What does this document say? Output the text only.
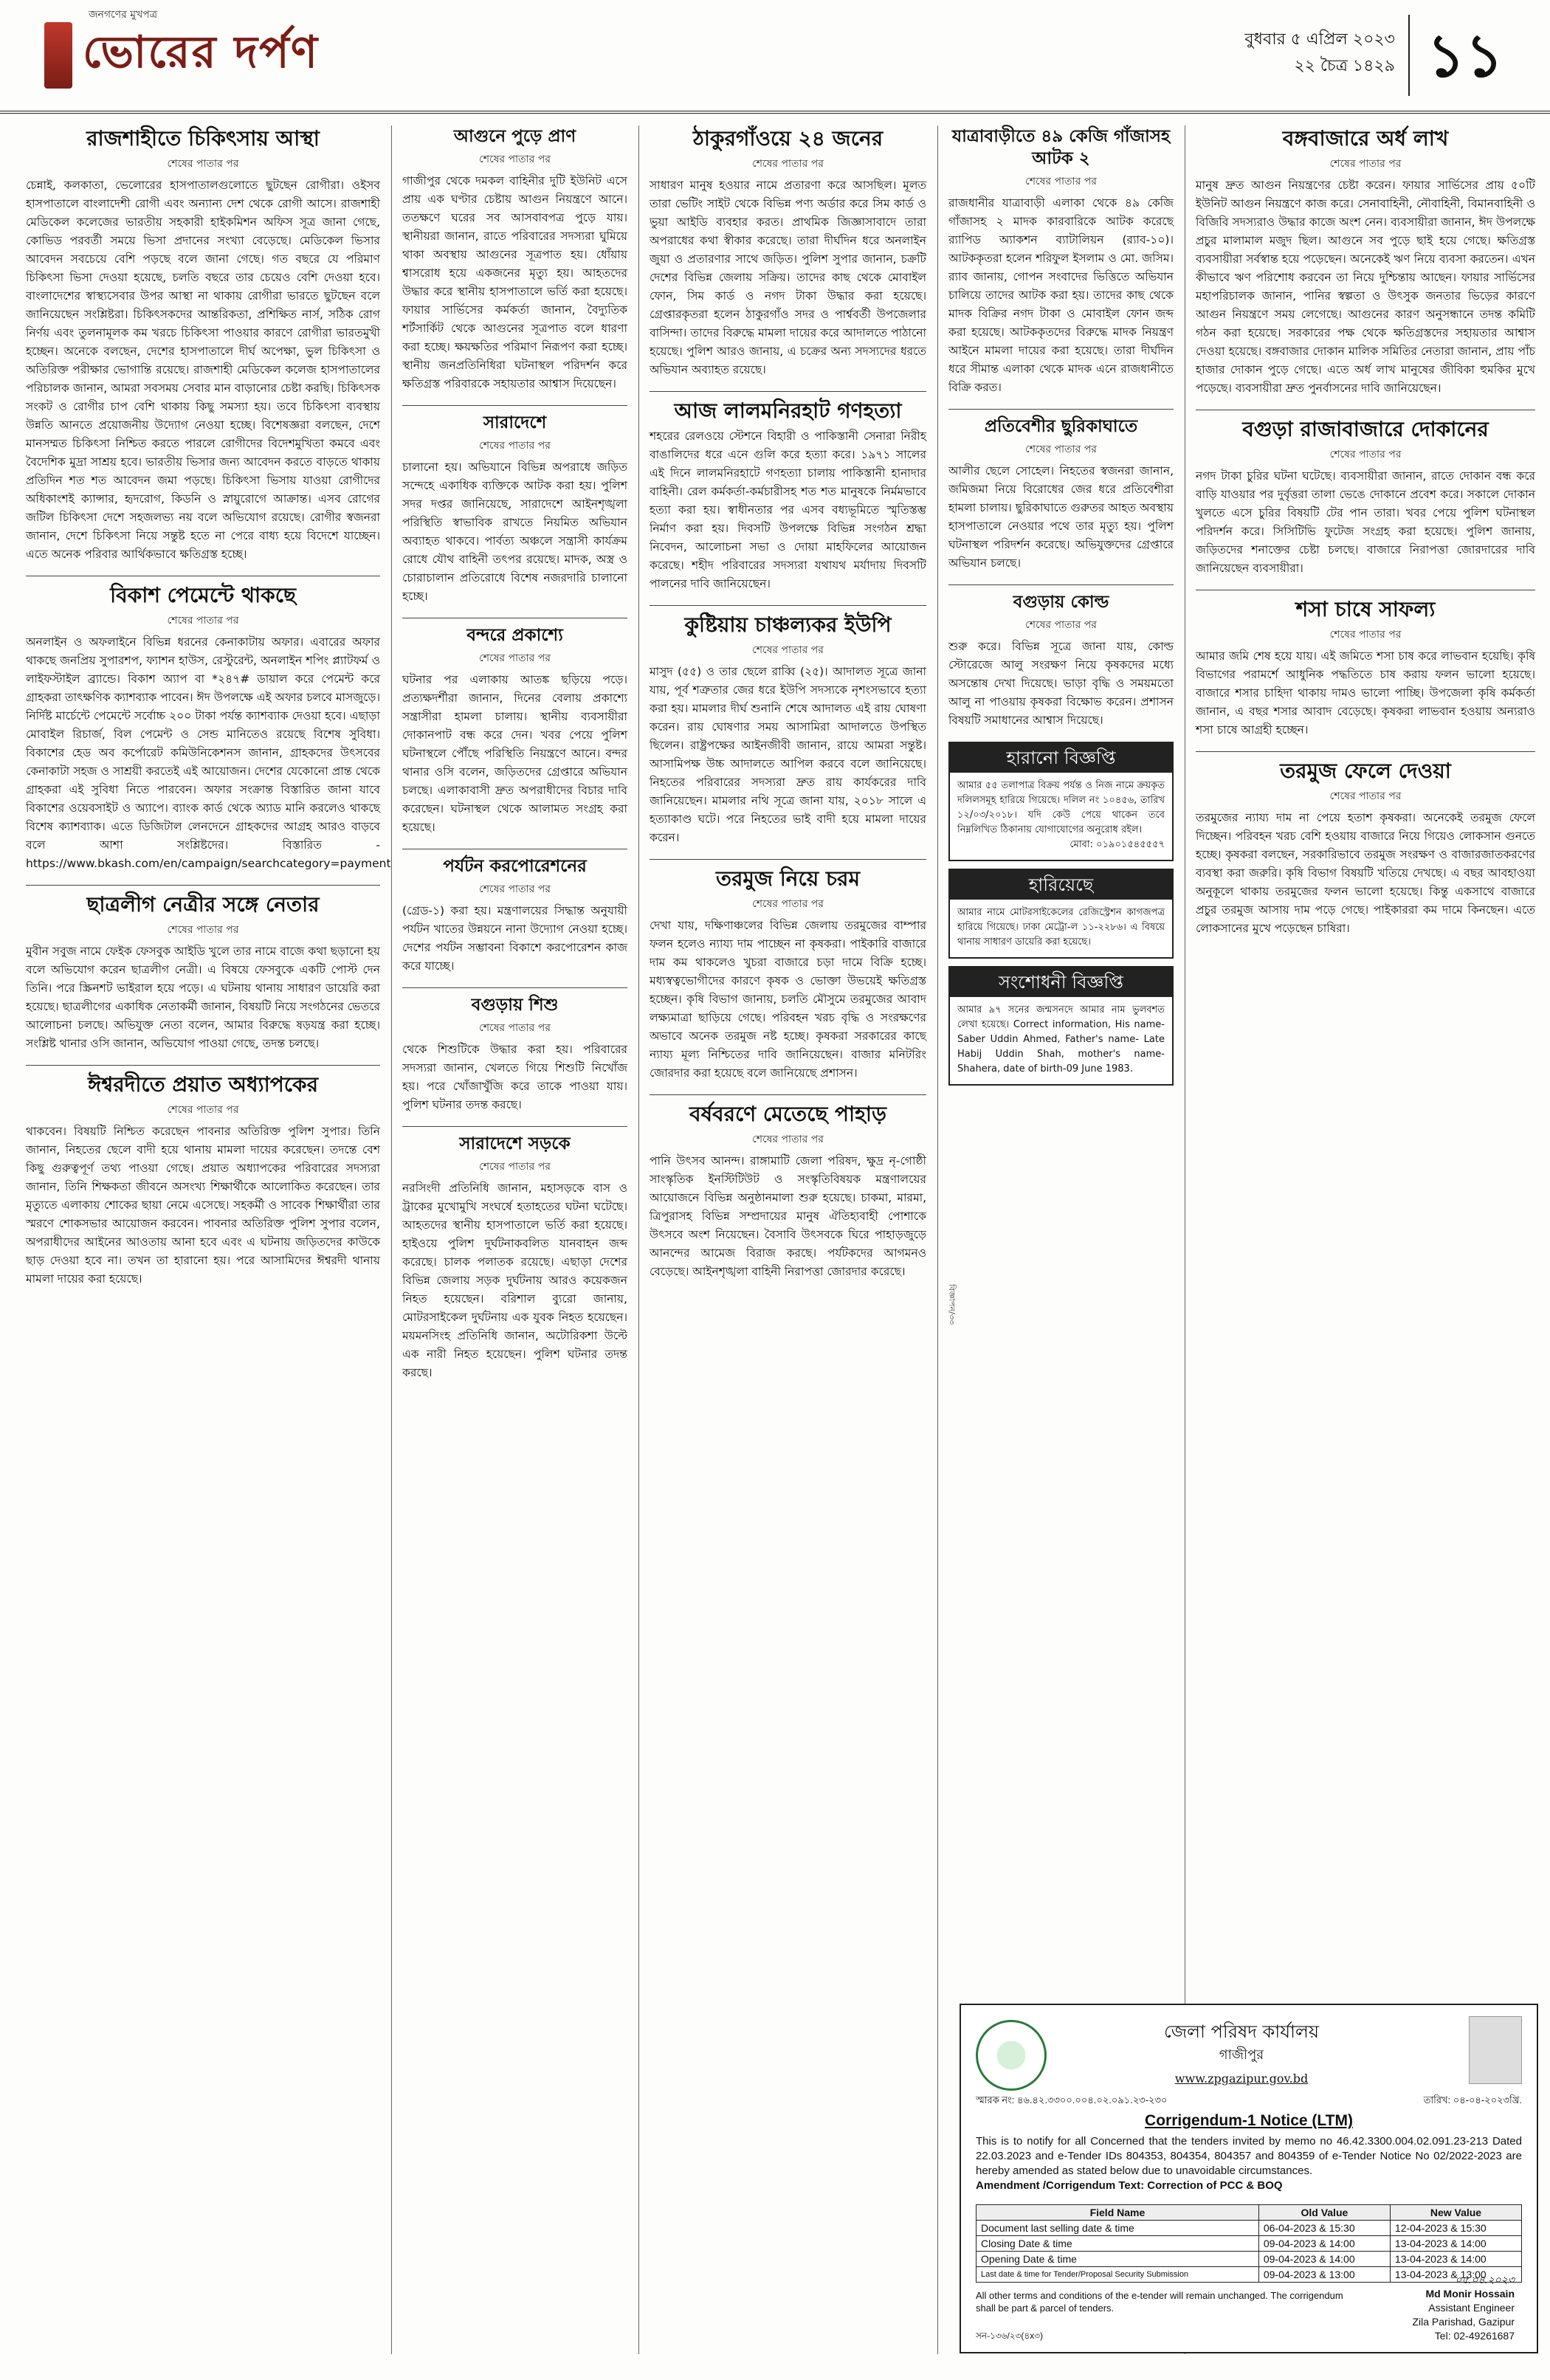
জনগণের মুখপত্র
ভোরের দর্পণ	বুধবার ৫ এপ্রিল ২০২৩
২২ চৈত্র ১৪২৯ ১১
রাজশাহীতে চিকিৎসায় আস্থা
শেষের পাতার পর

চেন্নাই, কলকাতা, ভেলোরের হাসপাতালগুলোতে ছুটছেন রোগীরা। ওইসব হাসপাতালে বাংলাদেশী রোগী এবং অন্যান্য দেশ থেকে রোগী আসে। রাজশাহী মেডিকেল কলেজের ভারতীয় সহকারী হাইকমিশন অফিস সূত্র জানা গেছে, কোভিড পরবর্তী সময়ে ভিসা প্রদানের সংখ্যা বেড়েছে। মেডিকেল ভিসার আবেদন সবচেয়ে বেশি পড়ছে বলে জানা গেছে। গত বছরে যে পরিমাণ চিকিৎসা ভিসা দেওয়া হয়েছে, চলতি বছরে তার চেয়েও বেশি দেওয়া হবে। বাংলাদেশের স্বাস্থ্যসেবার উপর আস্থা না থাকায় রোগীরা ভারতে ছুটছেন বলে জানিয়েছেন সংশ্লিষ্টরা। চিকিৎসকদের আন্তরিকতা, প্রশিক্ষিত নার্স, সঠিক রোগ নির্ণয় এবং তুলনামূলক কম খরচে চিকিৎসা পাওয়ার কারণে রোগীরা ভারতমুখী হচ্ছেন। অনেকে বলছেন, দেশের হাসপাতালে দীর্ঘ অপেক্ষা, ভুল চিকিৎসা ও অতিরিক্ত পরীক্ষার ভোগান্তি রয়েছে। রাজশাহী মেডিকেল কলেজ হাসপাতালের পরিচালক জানান, আমরা সবসময় সেবার মান বাড়ানোর চেষ্টা করছি। চিকিৎসক সংকট ও রোগীর চাপ বেশি থাকায় কিছু সমস্যা হয়। তবে চিকিৎসা ব্যবস্থায় উন্নতি আনতে প্রয়োজনীয় উদ্যোগ নেওয়া হচ্ছে। বিশেষজ্ঞরা বলছেন, দেশে মানসম্মত চিকিৎসা নিশ্চিত করতে পারলে রোগীদের বিদেশমুখিতা কমবে এবং বৈদেশিক মুদ্রা সাশ্রয় হবে। ভারতীয় ভিসার জন্য আবেদন করতে বাড়তে থাকায় প্রতিদিন শত শত আবেদন জমা পড়ছে। চিকিৎসা ভিসায় যাওয়া রোগীদের অধিকাংশই ক্যান্সার, হৃদরোগ, কিডনি ও স্নায়ুরোগে আক্রান্ত। এসব রোগের জটিল চিকিৎসা দেশে সহজলভ্য নয় বলে অভিযোগ রয়েছে। রোগীর স্বজনরা জানান, দেশে চিকিৎসা নিয়ে সন্তুষ্ট হতে না পেরে বাধ্য হয়ে বিদেশে যাচ্ছেন। এতে অনেক পরিবার আর্থিকভাবে ক্ষতিগ্রস্ত হচ্ছে।

বিকাশ পেমেন্টে থাকছে
শেষের পাতার পর

অনলাইন ও অফলাইনে বিভিন্ন ধরনের কেনাকাটায় অফার। এবারের অফার থাকছে জনপ্রিয় সুপারশপ, ফ্যাশন হাউস, রেস্টুরেন্ট, অনলাইন শপিং প্ল্যাটফর্ম ও লাইফস্টাইল ব্র্যান্ডে। বিকাশ অ্যাপ বা *২৪৭# ডায়াল করে পেমেন্ট করে গ্রাহকরা তাৎক্ষণিক ক্যাশব্যাক পাবেন। ঈদ উপলক্ষে এই অফার চলবে মাসজুড়ে। নির্দিষ্ট মার্চেন্টে পেমেন্টে সর্বোচ্চ ২০০ টাকা পর্যন্ত ক্যাশব্যাক দেওয়া হবে। এছাড়া মোবাইল রিচার্জ, বিল পেমেন্ট ও সেন্ড মানিতেও রয়েছে বিশেষ সুবিধা। বিকাশের হেড অব কর্পোরেট কমিউনিকেশনস জানান, গ্রাহকদের উৎসবের কেনাকাটা সহজ ও সাশ্রয়ী করতেই এই আয়োজন। দেশের যেকোনো প্রান্ত থেকে গ্রাহকরা এই সুবিধা নিতে পারবেন। অফার সংক্রান্ত বিস্তারিত জানা যাবে বিকাশের ওয়েবসাইট ও অ্যাপে। ব্যাংক কার্ড থেকে অ্যাড মানি করলেও থাকছে বিশেষ ক্যাশব্যাক। এতে ডিজিটাল লেনদেনে গ্রাহকদের আগ্রহ আরও বাড়বে বলে আশা সংশ্লিষ্টদের। বিস্তারিত - https://www.bkash.com/en/campaign/searchcategory=payment

ছাত্রলীগ নেত্রীর সঙ্গে নেতার
শেষের পাতার পর

মুবীন সবুজ নামে ফেইক ফেসবুক আইডি খুলে তার নামে বাজে কথা ছড়ানো হয় বলে অভিযোগ করেন ছাত্রলীগ নেত্রী। এ বিষয়ে ফেসবুকে একটি পোস্ট দেন তিনি। পরে স্ক্রিনশট ভাইরাল হয়ে পড়ে। এ ঘটনায় থানায় সাধারণ ডায়েরি করা হয়েছে। ছাত্রলীগের একাধিক নেতাকর্মী জানান, বিষয়টি নিয়ে সংগঠনের ভেতরে আলোচনা চলছে। অভিযুক্ত নেতা বলেন, আমার বিরুদ্ধে ষড়যন্ত্র করা হচ্ছে। সংশ্লিষ্ট থানার ওসি জানান, অভিযোগ পাওয়া গেছে, তদন্ত চলছে।

ঈশ্বরদীতে প্রয়াত অধ্যাপকের
শেষের পাতার পর

থাকবেন। বিষয়টি নিশ্চিত করেছেন পাবনার অতিরিক্ত পুলিশ সুপার। তিনি জানান, নিহতের ছেলে বাদী হয়ে থানায় মামলা দায়ের করেছেন। তদন্তে বেশ কিছু গুরুত্বপূর্ণ তথ্য পাওয়া গেছে। প্রয়াত অধ্যাপকের পরিবারের সদস্যরা জানান, তিনি শিক্ষকতা জীবনে অসংখ্য শিক্ষার্থীকে আলোকিত করেছেন। তার মৃত্যুতে এলাকায় শোকের ছায়া নেমে এসেছে। সহকর্মী ও সাবেক শিক্ষার্থীরা তার স্মরণে শোকসভার আয়োজন করবেন। পাবনার অতিরিক্ত পুলিশ সুপার বলেন, অপরাধীদের আইনের আওতায় আনা হবে এবং এ ঘটনায় জড়িতদের কাউকে ছাড় দেওয়া হবে না। তখন তা হারানো হয়। পরে আসামিদের ঈশ্বরদী থানায় মামলা দায়ের করা হয়েছে।

আগুনে পুড়ে প্রাণ
শেষের পাতার পর

গাজীপুর থেকে দমকল বাহিনীর দুটি ইউনিট এসে প্রায় এক ঘণ্টার চেষ্টায় আগুন নিয়ন্ত্রণে আনে। ততক্ষণে ঘরের সব আসবাবপত্র পুড়ে যায়। স্থানীয়রা জানান, রাতে পরিবারের সদস্যরা ঘুমিয়ে থাকা অবস্থায় আগুনের সূত্রপাত হয়। ধোঁয়ায় শ্বাসরোধ হয়ে একজনের মৃত্যু হয়। আহতদের উদ্ধার করে স্থানীয় হাসপাতালে ভর্তি করা হয়েছে। ফায়ার সার্ভিসের কর্মকর্তা জানান, বৈদ্যুতিক শর্টসার্কিট থেকে আগুনের সূত্রপাত বলে ধারণা করা হচ্ছে। ক্ষয়ক্ষতির পরিমাণ নিরূপণ করা হচ্ছে। স্থানীয় জনপ্রতিনিধিরা ঘটনাস্থল পরিদর্শন করে ক্ষতিগ্রস্ত পরিবারকে সহায়তার আশ্বাস দিয়েছেন।

সারাদেশে
শেষের পাতার পর

চালানো হয়। অভিযানে বিভিন্ন অপরাধে জড়িত সন্দেহে একাধিক ব্যক্তিকে আটক করা হয়। পুলিশ সদর দপ্তর জানিয়েছে, সারাদেশে আইনশৃঙ্খলা পরিস্থিতি স্বাভাবিক রাখতে নিয়মিত অভিযান অব্যাহত থাকবে। পার্বত্য অঞ্চলে সন্ত্রাসী কার্যক্রম রোধে যৌথ বাহিনী তৎপর রয়েছে। মাদক, অস্ত্র ও চোরাচালান প্রতিরোধে বিশেষ নজরদারি চালানো হচ্ছে।

বন্দরে প্রকাশ্যে
শেষের পাতার পর

ঘটনার পর এলাকায় আতঙ্ক ছড়িয়ে পড়ে। প্রত্যক্ষদর্শীরা জানান, দিনের বেলায় প্রকাশ্যে সন্ত্রাসীরা হামলা চালায়। স্থানীয় ব্যবসায়ীরা দোকানপাট বন্ধ করে দেন। খবর পেয়ে পুলিশ ঘটনাস্থলে পৌঁছে পরিস্থিতি নিয়ন্ত্রণে আনে। বন্দর থানার ওসি বলেন, জড়িতদের গ্রেপ্তারে অভিযান চলছে। এলাকাবাসী দ্রুত অপরাধীদের বিচার দাবি করেছেন। ঘটনাস্থল থেকে আলামত সংগ্রহ করা হয়েছে।

পর্যটন করপোরেশনের
শেষের পাতার পর

(গ্রেড-১) করা হয়। মন্ত্রণালয়ের সিদ্ধান্ত অনুযায়ী পর্যটন খাতের উন্নয়নে নানা উদ্যোগ নেওয়া হচ্ছে। দেশের পর্যটন সম্ভাবনা বিকাশে করপোরেশন কাজ করে যাচ্ছে।

বগুড়ায় শিশু
শেষের পাতার পর

থেকে শিশুটিকে উদ্ধার করা হয়। পরিবারের সদস্যরা জানান, খেলতে গিয়ে শিশুটি নিখোঁজ হয়। পরে খোঁজাখুঁজি করে তাকে পাওয়া যায়। পুলিশ ঘটনার তদন্ত করছে।

সারাদেশে সড়কে
শেষের পাতার পর

নরসিংদী প্রতিনিধি জানান, মহাসড়কে বাস ও ট্রাকের মুখোমুখি সংঘর্ষে হতাহতের ঘটনা ঘটেছে। আহতদের স্থানীয় হাসপাতালে ভর্তি করা হয়েছে। হাইওয়ে পুলিশ দুর্ঘটনাকবলিত যানবাহন জব্দ করেছে। চালক পলাতক রয়েছে। এছাড়া দেশের বিভিন্ন জেলায় সড়ক দুর্ঘটনায় আরও কয়েকজন নিহত হয়েছেন। বরিশাল ব্যুরো জানায়, মোটরসাইকেল দুর্ঘটনায় এক যুবক নিহত হয়েছেন। ময়মনসিংহ প্রতিনিধি জানান, অটোরিকশা উল্টে এক নারী নিহত হয়েছেন। পুলিশ ঘটনার তদন্ত করছে।

ঠাকুরগাঁওয়ে ২৪ জনের
শেষের পাতার পর

সাধারণ মানুষ হওয়ার নামে প্রতারণা করে আসছিল। মূলত তারা ভেটিং সাইট থেকে বিভিন্ন পণ্য অর্ডার করে সিম কার্ড ও ভুয়া আইডি ব্যবহার করত। প্রাথমিক জিজ্ঞাসাবাদে তারা অপরাধের কথা স্বীকার করেছে। তারা দীর্ঘদিন ধরে অনলাইন জুয়া ও প্রতারণার সাথে জড়িত। পুলিশ সুপার জানান, চক্রটি দেশের বিভিন্ন জেলায় সক্রিয়। তাদের কাছ থেকে মোবাইল ফোন, সিম কার্ড ও নগদ টাকা উদ্ধার করা হয়েছে। গ্রেপ্তারকৃতরা হলেন ঠাকুরগাঁও সদর ও পার্শ্ববর্তী উপজেলার বাসিন্দা। তাদের বিরুদ্ধে মামলা দায়ের করে আদালতে পাঠানো হয়েছে। পুলিশ আরও জানায়, এ চক্রের অন্য সদস্যদের ধরতে অভিযান অব্যাহত রয়েছে।

আজ লালমনিরহাট গণহত্যা

শহরের রেলওয়ে স্টেশনে বিহারী ও পাকিস্তানী সেনারা নিরীহ বাঙালিদের ধরে এনে গুলি করে হত্যা করে। ১৯৭১ সালের এই দিনে লালমনিরহাটে গণহত্যা চালায় পাকিস্তানী হানাদার বাহিনী। রেল কর্মকর্তা-কর্মচারীসহ শত শত মানুষকে নির্মমভাবে হত্যা করা হয়। স্বাধীনতার পর এসব বধ্যভূমিতে স্মৃতিস্তম্ভ নির্মাণ করা হয়। দিবসটি উপলক্ষে বিভিন্ন সংগঠন শ্রদ্ধা নিবেদন, আলোচনা সভা ও দোয়া মাহফিলের আয়োজন করেছে। শহীদ পরিবারের সদস্যরা যথাযথ মর্যাদায় দিবসটি পালনের দাবি জানিয়েছেন।

কুষ্টিয়ায় চাঞ্চল্যকর ইউপি
শেষের পাতার পর

মাসুদ (৫৫) ও তার ছেলে রাব্বি (২৫)। আদালত সূত্রে জানা যায়, পূর্ব শত্রুতার জের ধরে ইউপি সদস্যকে নৃশংসভাবে হত্যা করা হয়। মামলার দীর্ঘ শুনানি শেষে আদালত এই রায় ঘোষণা করেন। রায় ঘোষণার সময় আসামিরা আদালতে উপস্থিত ছিলেন। রাষ্ট্রপক্ষের আইনজীবী জানান, রায়ে আমরা সন্তুষ্ট। আসামিপক্ষ উচ্চ আদালতে আপিল করবে বলে জানিয়েছে। নিহতের পরিবারের সদস্যরা দ্রুত রায় কার্যকরের দাবি জানিয়েছেন। মামলার নথি সূত্রে জানা যায়, ২০১৮ সালে এ হত্যাকাণ্ড ঘটে। পরে নিহতের ভাই বাদী হয়ে মামলা দায়ের করেন।

তরমুজ নিয়ে চরম
শেষের পাতার পর

দেখা যায়, দক্ষিণাঞ্চলের বিভিন্ন জেলায় তরমুজের বাম্পার ফলন হলেও ন্যায্য দাম পাচ্ছেন না কৃষকরা। পাইকারি বাজারে দাম কম থাকলেও খুচরা বাজারে চড়া দামে বিক্রি হচ্ছে। মধ্যস্বত্বভোগীদের কারণে কৃষক ও ভোক্তা উভয়েই ক্ষতিগ্রস্ত হচ্ছেন। কৃষি বিভাগ জানায়, চলতি মৌসুমে তরমুজের আবাদ লক্ষ্যমাত্রা ছাড়িয়ে গেছে। পরিবহন খরচ বৃদ্ধি ও সংরক্ষণের অভাবে অনেক তরমুজ নষ্ট হচ্ছে। কৃষকরা সরকারের কাছে ন্যায্য মূল্য নিশ্চিতের দাবি জানিয়েছেন। বাজার মনিটরিং জোরদার করা হয়েছে বলে জানিয়েছে প্রশাসন।

বর্ষবরণে মেতেছে পাহাড়
শেষের পাতার পর

পানি উৎসব আনন্দ। রাঙ্গামাটি জেলা পরিষদ, ক্ষুদ্র নৃ-গোষ্ঠী সাংস্কৃতিক ইনস্টিটিউট ও সংস্কৃতিবিষয়ক মন্ত্রণালয়ের আয়োজনে বিভিন্ন অনুষ্ঠানমালা শুরু হয়েছে। চাকমা, মারমা, ত্রিপুরাসহ বিভিন্ন সম্প্রদায়ের মানুষ ঐতিহ্যবাহী পোশাকে উৎসবে অংশ নিয়েছেন। বৈসাবি উৎসবকে ঘিরে পাহাড়জুড়ে আনন্দের আমেজ বিরাজ করছে। পর্যটকদের আগমনও বেড়েছে। আইনশৃঙ্খলা বাহিনী নিরাপত্তা জোরদার করেছে।

যাত্রাবাড়ীতে ৪৯ কেজি গাঁজাসহ আটক ২
শেষের পাতার পর

রাজধানীর যাত্রাবাড়ী এলাকা থেকে ৪৯ কেজি গাঁজাসহ ২ মাদক কারবারিকে আটক করেছে র‌্যাপিড অ্যাকশন ব্যাটালিয়ন (র‌্যাব-১০)। আটককৃতরা হলেন শরিফুল ইসলাম ও মো. জসিম। র‌্যাব জানায়, গোপন সংবাদের ভিত্তিতে অভিযান চালিয়ে তাদের আটক করা হয়। তাদের কাছ থেকে মাদক বিক্রির নগদ টাকা ও মোবাইল ফোন জব্দ করা হয়েছে। আটককৃতদের বিরুদ্ধে মাদক নিয়ন্ত্রণ আইনে মামলা দায়ের করা হয়েছে। তারা দীর্ঘদিন ধরে সীমান্ত এলাকা থেকে মাদক এনে রাজধানীতে বিক্রি করত।

প্রতিবেশীর ছুরিকাঘাতে
শেষের পাতার পর

আলীর ছেলে সোহেল। নিহতের স্বজনরা জানান, জমিজমা নিয়ে বিরোধের জের ধরে প্রতিবেশীরা হামলা চালায়। ছুরিকাঘাতে গুরুতর আহত অবস্থায় হাসপাতালে নেওয়ার পথে তার মৃত্যু হয়। পুলিশ ঘটনাস্থল পরিদর্শন করেছে। অভিযুক্তদের গ্রেপ্তারে অভিযান চলছে।

বগুড়ায় কোল্ড
শেষের পাতার পর

শুরু করে। বিভিন্ন সূত্রে জানা যায়, কোল্ড স্টোরেজে আলু সংরক্ষণ নিয়ে কৃষকদের মধ্যে অসন্তোষ দেখা দিয়েছে। ভাড়া বৃদ্ধি ও সময়মতো আলু না পাওয়ায় কৃষকরা বিক্ষোভ করেন। প্রশাসন বিষয়টি সমাধানের আশ্বাস দিয়েছে।

হারানো বিজ্ঞপ্তি
আমার ৫৫ তলাপাত্র বিক্রয় পর্যন্ত ও নিজ নামে ক্রয়কৃত দলিলসমূহ হারিয়ে গিয়েছে। দলিল নং ১০৪৫৬, তারিখ ১২/০৩/২০১৮। যদি কেউ পেয়ে থাকেন তবে নিম্নলিখিত ঠিকানায় যোগাযোগের অনুরোধ রইল।
মোবা: ০১৯০১৫৪৫৫৫৭
হারিয়েছে
আমার নামে মোটরসাইকেলের রেজিস্ট্রেশন কাগজপত্র হারিয়ে গিয়েছে। ঢাকা মেট্রো-ল ১১-২২৮৬। এ বিষয়ে থানায় সাধারণ ডায়েরি করা হয়েছে।
সংশোধনী বিজ্ঞপ্তি
আমার ৯৭ সনের জন্মসনদে আমার নাম ভুলবশত লেখা হয়েছে। Correct information, His name- Saber Uddin Ahmed, Father's name- Late Habij Uddin Shah, mother's name-Shahera, date of birth-09 June 1983.
বিজ্ঞাপন/৩৩
বঙ্গবাজারে অর্ধ লাখ
শেষের পাতার পর

মানুষ দ্রুত আগুন নিয়ন্ত্রণের চেষ্টা করেন। ফায়ার সার্ভিসের প্রায় ৫০টি ইউনিট আগুন নিয়ন্ত্রণে কাজ করে। সেনাবাহিনী, নৌবাহিনী, বিমানবাহিনী ও বিজিবি সদস্যরাও উদ্ধার কাজে অংশ নেন। ব্যবসায়ীরা জানান, ঈদ উপলক্ষে প্রচুর মালামাল মজুদ ছিল। আগুনে সব পুড়ে ছাই হয়ে গেছে। ক্ষতিগ্রস্ত ব্যবসায়ীরা সর্বস্বান্ত হয়ে পড়েছেন। অনেকেই ঋণ নিয়ে ব্যবসা করতেন। এখন কীভাবে ঋণ পরিশোধ করবেন তা নিয়ে দুশ্চিন্তায় আছেন। ফায়ার সার্ভিসের মহাপরিচালক জানান, পানির স্বল্পতা ও উৎসুক জনতার ভিড়ের কারণে আগুন নিয়ন্ত্রণে সময় লেগেছে। আগুনের কারণ অনুসন্ধানে তদন্ত কমিটি গঠন করা হয়েছে। সরকারের পক্ষ থেকে ক্ষতিগ্রস্তদের সহায়তার আশ্বাস দেওয়া হয়েছে। বঙ্গবাজার দোকান মালিক সমিতির নেতারা জানান, প্রায় পাঁচ হাজার দোকান পুড়ে গেছে। এতে অর্ধ লাখ মানুষের জীবিকা হুমকির মুখে পড়েছে। ব্যবসায়ীরা দ্রুত পুনর্বাসনের দাবি জানিয়েছেন।

বগুড়া রাজাবাজারে দোকানের
শেষের পাতার পর

নগদ টাকা চুরির ঘটনা ঘটেছে। ব্যবসায়ীরা জানান, রাতে দোকান বন্ধ করে বাড়ি যাওয়ার পর দুর্বৃত্তরা তালা ভেঙে দোকানে প্রবেশ করে। সকালে দোকান খুলতে এসে চুরির বিষয়টি টের পান তারা। খবর পেয়ে পুলিশ ঘটনাস্থল পরিদর্শন করে। সিসিটিভি ফুটেজ সংগ্রহ করা হয়েছে। পুলিশ জানায়, জড়িতদের শনাক্তের চেষ্টা চলছে। বাজারে নিরাপত্তা জোরদারের দাবি জানিয়েছেন ব্যবসায়ীরা।

শসা চাষে সাফল্য
শেষের পাতার পর

আমার জমি শেষ হয়ে যায়। এই জমিতে শসা চাষ করে লাভবান হয়েছি। কৃষি বিভাগের পরামর্শে আধুনিক পদ্ধতিতে চাষ করায় ফলন ভালো হয়েছে। বাজারে শসার চাহিদা থাকায় দামও ভালো পাচ্ছি। উপজেলা কৃষি কর্মকর্তা জানান, এ বছর শসার আবাদ বেড়েছে। কৃষকরা লাভবান হওয়ায় অন্যরাও শসা চাষে আগ্রহী হচ্ছেন।

তরমুজ ফেলে দেওয়া
শেষের পাতার পর

তরমুজের ন্যায্য দাম না পেয়ে হতাশ কৃষকরা। অনেকেই তরমুজ ফেলে দিচ্ছেন। পরিবহন খরচ বেশি হওয়ায় বাজারে নিয়ে গিয়েও লোকসান গুনতে হচ্ছে। কৃষকরা বলছেন, সরকারিভাবে তরমুজ সংরক্ষণ ও বাজারজাতকরণের ব্যবস্থা করা জরুরি। কৃষি বিভাগ বিষয়টি খতিয়ে দেখছে। এ বছর আবহাওয়া অনুকূলে থাকায় তরমুজের ফলন ভালো হয়েছে। কিন্তু একসাথে বাজারে প্রচুর তরমুজ আসায় দাম পড়ে গেছে। পাইকাররা কম দামে কিনছেন। এতে লোকসানের মুখে পড়েছেন চাষিরা।

জেলা পরিষদ কার্যালয়
গাজীপুর
www.zpgazipur.gov.bd
স্মারক নং: ৪৬.৪২.৩৩০০.০০৪.০২.০৯১.২৩-২৩০	তারিখ: ০৪-০৪-২০২৩খ্রি.
Corrigendum-1 Notice (LTM)
This is to notify for all Concerned that the tenders invited by memo no 46.42.3300.004.02.091.23-213 Dated 22.03.2023 and e-Tender IDs 804353, 804354, 804357 and 804359 of e-Tender Notice No 02/2022-2023 are hereby amended as stated below due to unavoidable circumstances.
Amendment /Corrigendum Text: Correction of PCC & BOQ
Field Name	Old Value	New Value
Document last selling date & time	06-04-2023 & 15:30	12-04-2023 & 15:30
Closing Date & time	09-04-2023 & 14:00	13-04-2023 & 14:00
Opening Date & time	09-04-2023 & 14:00	13-04-2023 & 14:00
Last date & time for Tender/Proposal Security Submission	09-04-2023 & 13:00	13-04-2023 & 13:00
All other terms and conditions of the e-tender will remain unchanged. The corrigendum shall be part & parcel of tenders.
০৫.০৪.২০২৩
Md Monir Hossain
Assistant Engineer
Zila Parishad, Gazipur
Tel: 02-49261687
সন-১৩৬/২৩(৪x৩)
